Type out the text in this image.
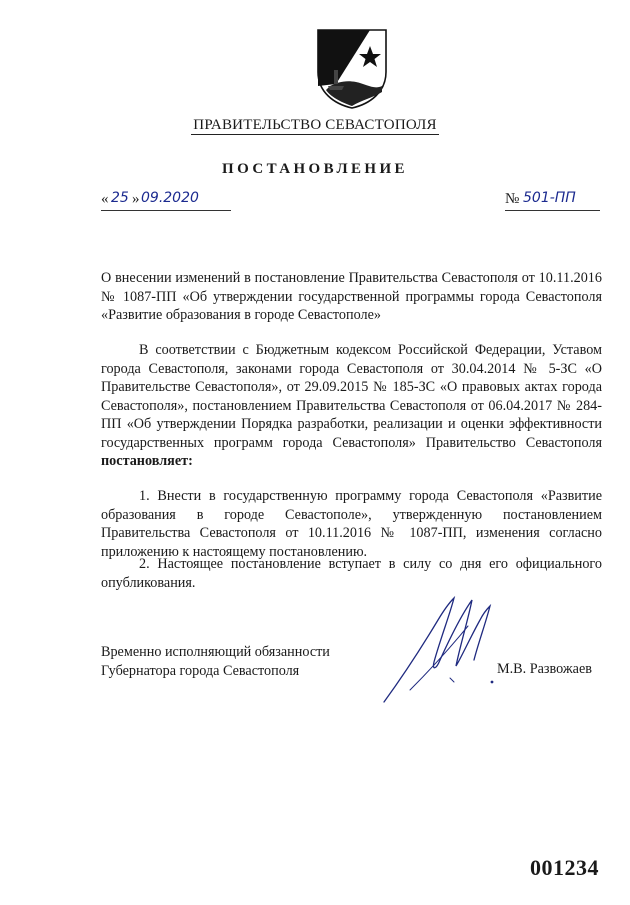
ПРАВИТЕЛЬСТВО СЕВАСТОПОЛЯ
ПОСТАНОВЛЕНИЕ
« 25 » 09.2020	№ 501-ПП
О внесении изменений в постановление Правительства Севастополя от 10.11.2016 № 1087-ПП «Об утверждении государственной программы города Севастополя «Развитие образования в городе Севастополе»
В соответствии с Бюджетным кодексом Российской Федерации, Уставом города Севастополя, законами города Севастополя от 30.04.2014 № 5-ЗС «О Правительстве Севастополя», от 29.09.2015 № 185-ЗС «О правовых актах города Севастополя», постановлением Правительства Севастополя от 06.04.2017 № 284-ПП «Об утверждении Порядка разработки, реализации и оценки эффективности государственных программ города Севастополя» Правительство Севастополя постановляет:
1. Внести в государственную программу города Севастополя «Развитие образования в городе Севастополе», утвержденную постановлением Правительства Севастополя от 10.11.2016 № 1087-ПП, изменения согласно приложению к настоящему постановлению.
2. Настоящее постановление вступает в силу со дня его официального опубликования.
Временно исполняющий обязанности
Губернатора города Севастополя	М.В. Развожаев
001234
